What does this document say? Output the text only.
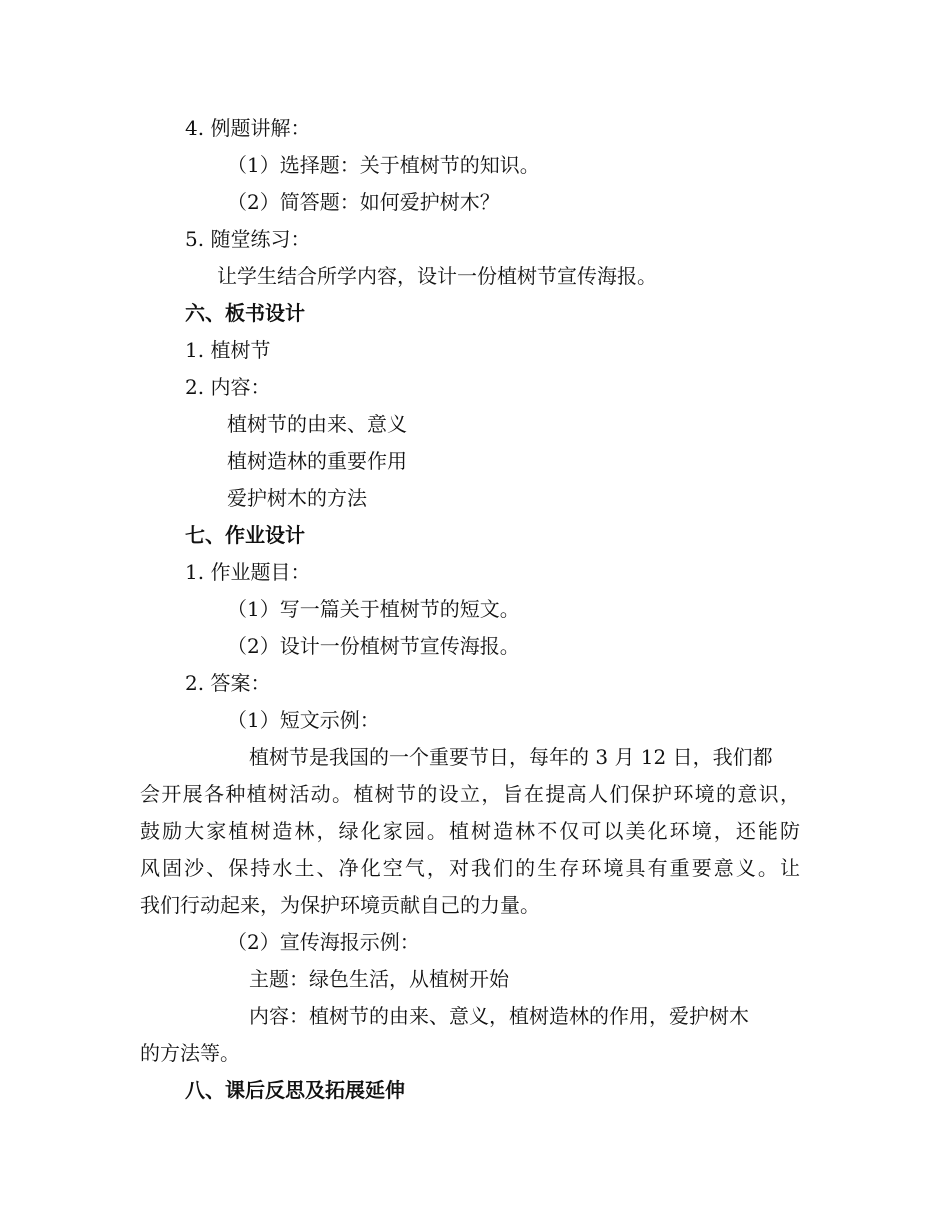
4. 例题讲解：
（1）选择题：关于植树节的知识。
（2）简答题：如何爱护树木？
5. 随堂练习：
让学生结合所学内容，设计一份植树节宣传海报。
六、板书设计
1. 植树节
2. 内容：
植树节的由来、意义
植树造林的重要作用
爱护树木的方法
七、作业设计
1. 作业题目：
（1）写一篇关于植树节的短文。
（2）设计一份植树节宣传海报。
2. 答案：
（1）短文示例：
植树节是我国的一个重要节日，每年的 3 月 12 日，我们都
会开展各种植树活动。植树节的设立，旨在提高人们保护环境的意识，
鼓励大家植树造林，绿化家园。植树造林不仅可以美化环境，还能防
风固沙、保持水土、净化空气，对我们的生存环境具有重要意义。让
我们行动起来，为保护环境贡献自己的力量。
（2）宣传海报示例：
主题：绿色生活，从植树开始
内容：植树节的由来、意义，植树造林的作用，爱护树木
的方法等。
八、课后反思及拓展延伸
